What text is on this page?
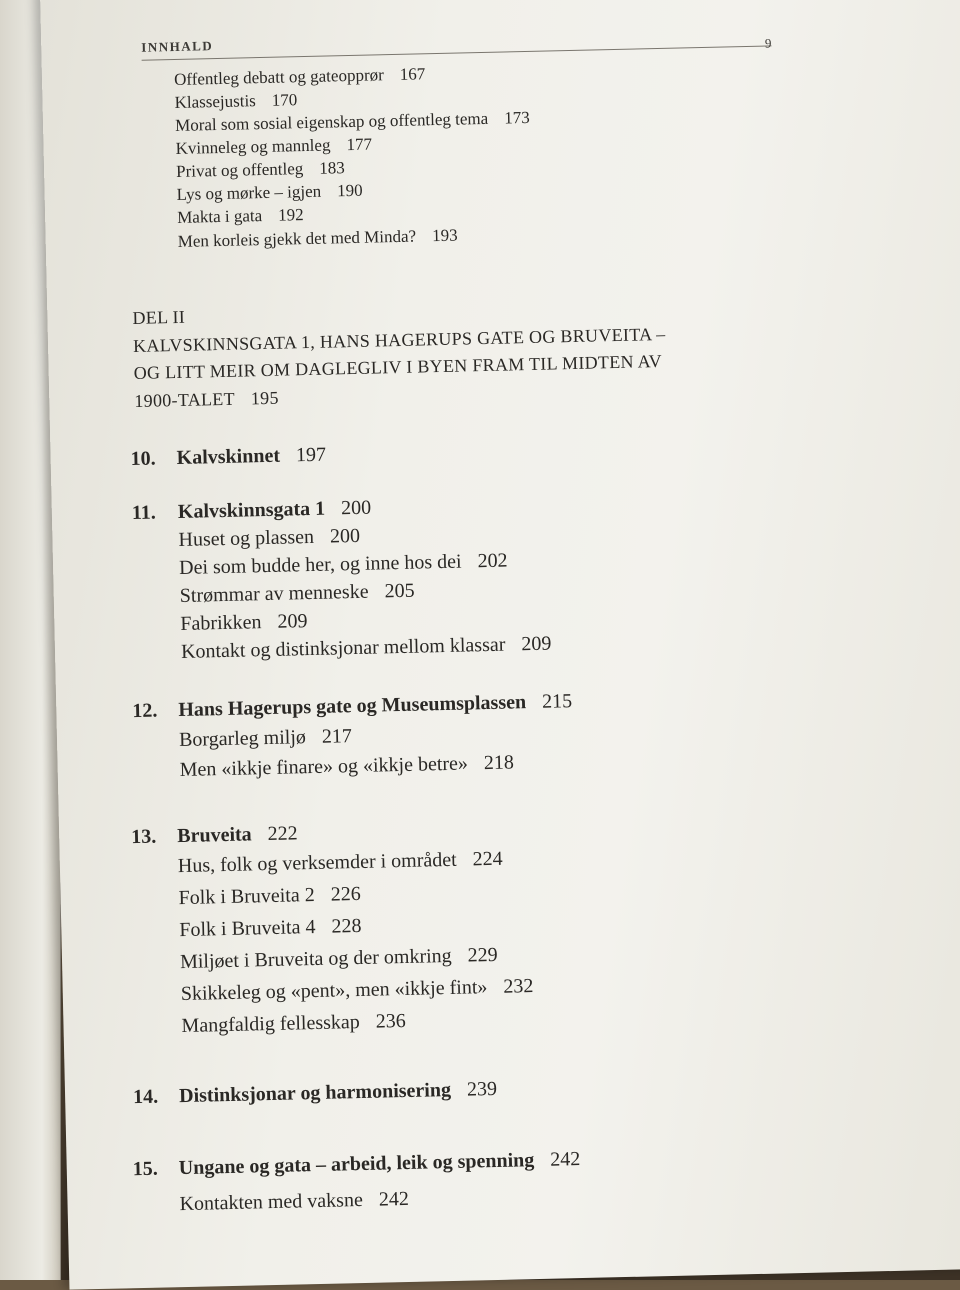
INNHALD	9
Offentleg debatt og gateopprør 167
Klassejustis 170
Moral som sosial eigenskap og offentleg tema 173
Kvinneleg og mannleg 177
Privat og offentleg 183
Lys og mørke – igjen 190
Makta i gata 192
Men korleis gjekk det med Minda? 193
DEL II
KALVSKINNSGATA 1, HANS HAGERUPS GATE OG BRUVEITA –
OG LITT MEIR OM DAGLEGLIV I BYEN FRAM TIL MIDTEN AV
1900-TALET 195
10. Kalvskinnet 197
11. Kalvskinnsgata 1 200
Huset og plassen 200
Dei som budde her, og inne hos dei 202
Strømmar av menneske 205
Fabrikken 209
Kontakt og distinksjonar mellom klassar 209
12. Hans Hagerups gate og Museumsplassen 215
Borgarleg miljø 217
Men «ikkje finare» og «ikkje betre» 218
13. Bruveita 222
Hus, folk og verksemder i området 224
Folk i Bruveita 2 226
Folk i Bruveita 4 228
Miljøet i Bruveita og der omkring 229
Skikkeleg og «pent», men «ikkje fint» 232
Mangfaldig fellesskap 236
14. Distinksjonar og harmonisering 239
15. Ungane og gata – arbeid, leik og spenning 242
Kontakten med vaksne 242
